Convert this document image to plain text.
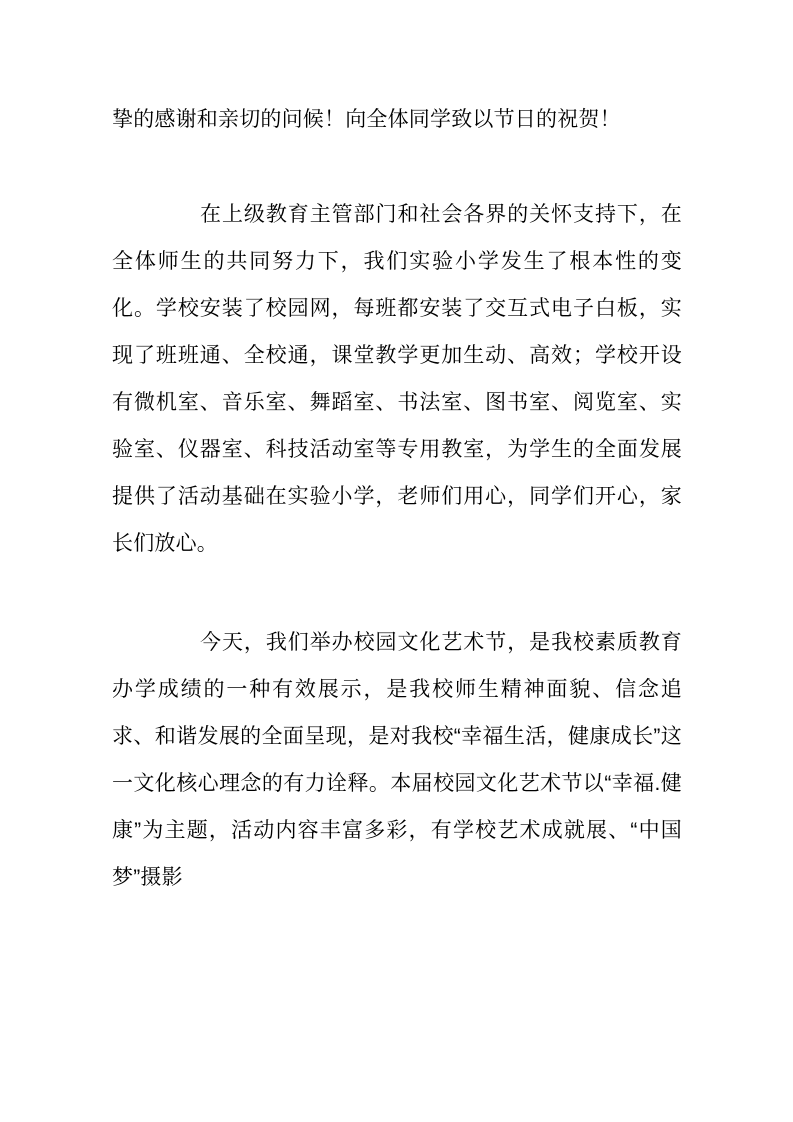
挚的感谢和亲切的问候！向全体同学致以节日的祝贺！

在上级教育主管部门和社会各界的关怀支持下，在全体师生的共同努力下，我们实验小学发生了根本性的变化。学校安装了校园网，每班都安装了交互式电子白板，实现了班班通、全校通，课堂教学更加生动、高效；学校开设有微机室、音乐室、舞蹈室、书法室、图书室、阅览室、实验室、仪器室、科技活动室等专用教室，为学生的全面发展提供了活动基础在实验小学，老师们用心，同学们开心，家长们放心。

今天，我们举办校园文化艺术节，是我校素质教育办学成绩的一种有效展示，是我校师生精神面貌、信念追求、和谐发展的全面呈现，是对我校“幸福生活，健康成长”这一文化核心理念的有力诠释。本届校园文化艺术节以“幸福.健康”为主题，活动内容丰富多彩，有学校艺术成就展、“中国梦”摄影
